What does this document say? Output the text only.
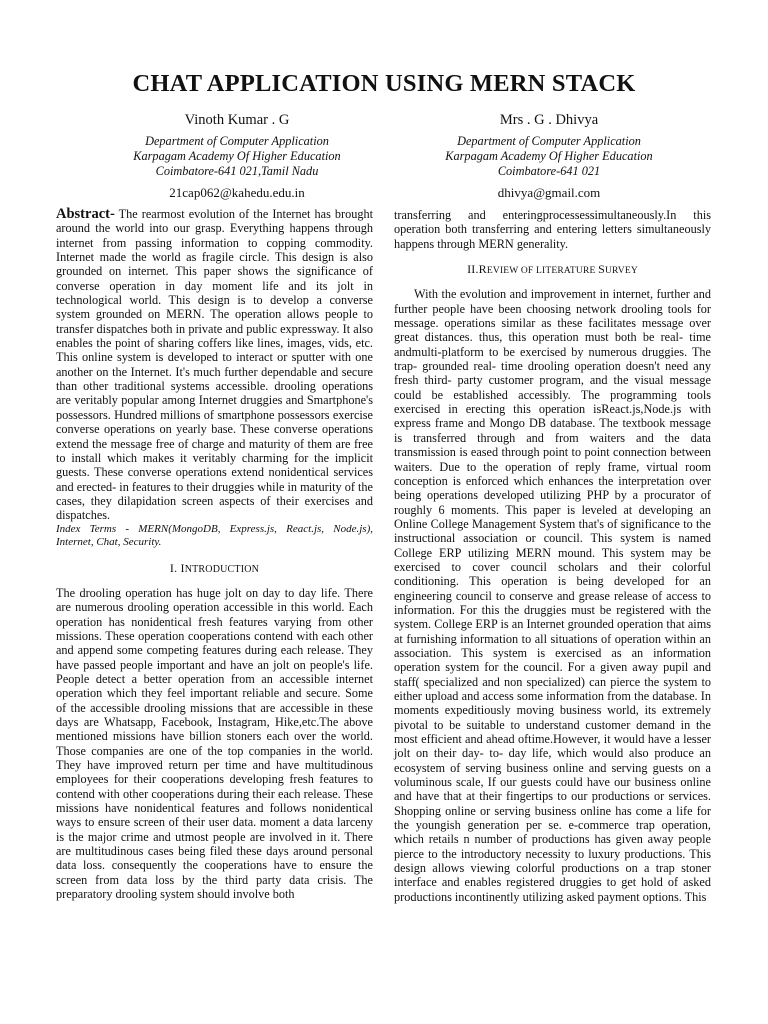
CHAT APPLICATION USING MERN STACK
Vinoth Kumar . G
Department of Computer Application
Karpagam Academy Of Higher Education
Coimbatore-641 021,Tamil Nadu
21cap062@kahedu.edu.in
Mrs . G . Dhivya
Department of Computer Application
Karpagam Academy Of Higher Education
Coimbatore-641 021
dhivya@gmail.com

Abstract- The rearmost evolution of the Internet has brought around the world into our grasp. Everything happens through internet from passing information to copping commodity. Internet made the world as fragile circle. This design is also grounded on internet. This paper shows the significance of converse operation in day moment life and its jolt in technological world. This design is to develop a converse system grounded on MERN. The operation allows people to transfer dispatches both in private and public expressway. It also enables the point of sharing coffers like lines, images, vids, etc. This online system is developed to interact or sputter with one another on the Internet. It's much further dependable and secure than other traditional systems accessible. drooling operations are veritably popular among Internet druggies and Smartphone's possessors. Hundred millions of smartphone possessors exercise converse operations on yearly base. These converse operations extend the message free of charge and maturity of them are free to install which makes it veritably charming for the implicit guests. These converse operations extend nonidentical services and erected- in features to their druggies while in maturity of the cases, they dilapidation screen aspects of their exercises and dispatches.

Index Terms - MERN(MongoDB, Express.js, React.js, Node.js), Internet, Chat, Security.

I. INTRODUCTION

The drooling operation has huge jolt on day to day life. There are numerous drooling operation accessible in this world. Each operation has nonidentical fresh features varying from other missions. These operation cooperations contend with each other and append some competing features during each release. They have passed people important and have an jolt on people's life. People detect a better operation from an accessible internet operation which they feel important reliable and secure. Some of the accessible drooling missions that are accessible in these days are Whatsapp, Facebook, Instagram, Hike,etc.The above mentioned missions have billion stoners each over the world. Those companies are one of the top companies in the world. They have improved return per time and have multitudinous employees for their cooperations developing fresh features to contend with other cooperations during their each release. These missions have nonidentical features and follows nonidentical ways to ensure screen of their user data. moment a data larceny is the major crime and utmost people are involved in it. There are multitudinous cases being filed these days around personal data loss. consequently the cooperations have to ensure the screen from data loss by the third party data crisis. The preparatory drooling system should involve both

transferring and enteringprocessessimultaneously.In this operation both transferring and entering letters simultaneously happens through MERN generality.

II.REVIEW OF LITERATURE SURVEY

With the evolution and improvement in internet, further and further people have been choosing network drooling tools for message. operations similar as these facilitates message over great distances. thus, this operation must both be real- time andmulti-platform to be exercised by numerous druggies. The trap- grounded real- time drooling operation doesn't need any fresh third- party customer program, and the visual message could be established accessibly. The programming tools exercised in erecting this operation isReact.js,Node.js with express frame and Mongo DB database. The textbook message is transferred through and from waiters and the data transmission is eased through point to point connection between waiters. Due to the operation of reply frame, virtual room conception is enforced which enhances the interpretation over being operations developed utilizing PHP by a procurator of roughly 6 moments. This paper is leveled at developing an Online College Management System that's of significance to the instructional association or council. This system is named College ERP utilizing MERN mound. This system may be exercised to cover council scholars and their colorful conditioning. This operation is being developed for an engineering council to conserve and grease release of access to information. For this the druggies must be registered with the system. College ERP is an Internet grounded operation that aims at furnishing information to all situations of operation within an association. This system is exercised as an information operation system for the council. For a given away pupil and staff( specialized and non specialized) can pierce the system to either upload and access some information from the database. In moments expeditiously moving business world, its extremely pivotal to be suitable to understand customer demand in the most efficient and ahead oftime.However, it would have a lesser jolt on their day- to- day life, which would also produce an ecosystem of serving business online and serving guests on a voluminous scale, If our guests could have our business online and have that at their fingertips to our productions or services. Shopping online or serving business online has come a life for the youngish generation per se. e-commerce trap operation, which retails n number of productions has given away people pierce to the introductory necessity to luxury productions. This design allows viewing colorful productions on a trap stoner interface and enables registered druggies to get hold of asked productions incontinently utilizing asked payment options. This
